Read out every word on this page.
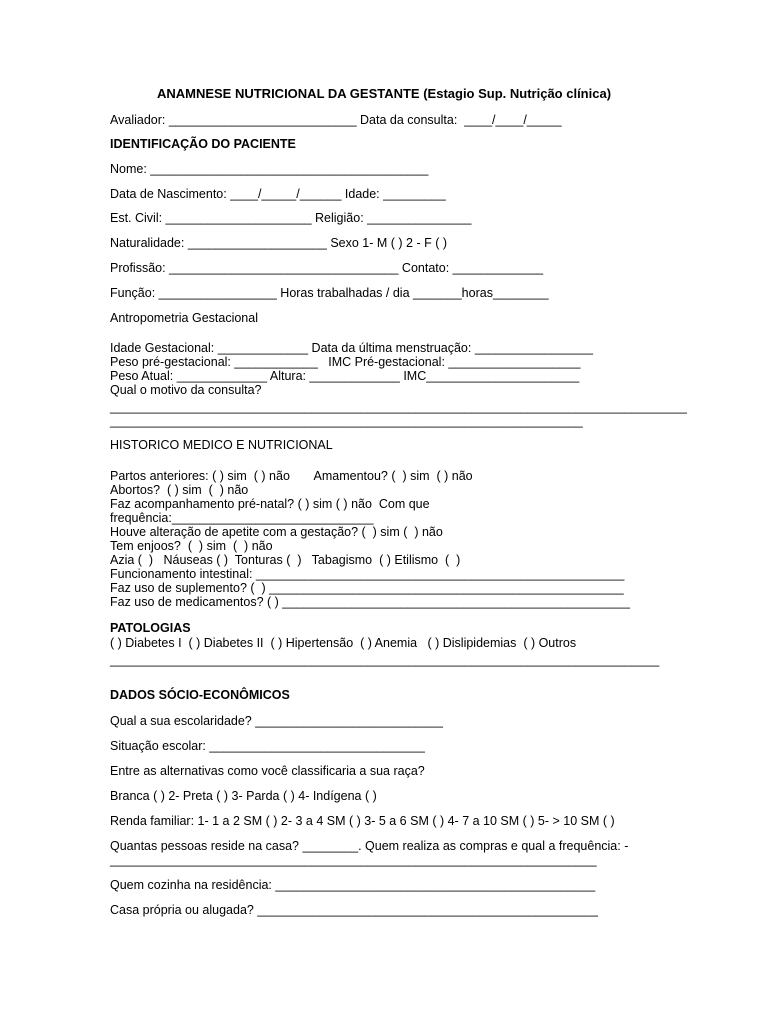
ANAMNESE NUTRICIONAL DA GESTANTE (Estagio Sup. Nutrição clínica)
Avaliador: ___________________________ Data da consulta:  ____/____/_____
IDENTIFICAÇÃO DO PACIENTE
Nome: ________________________________________
Data de Nascimento: ____/_____/______ Idade: _________
Est. Civil: _____________________ Religião: _______________
Naturalidade: ____________________ Sexo 1- M ( ) 2 - F ( )
Profissão: _________________________________ Contato: _____________
Função: _________________ Horas trabalhadas / dia _______horas________
Antropometria Gestacional
Idade Gestacional: _____________ Data da última menstruação: _________________
Peso pré-gestacional: ____________   IMC Pré-gestacional: ___________________
Peso Atual: _____________ Altura: _____________ IMC______________________
Qual o motivo da consulta?
___________________________________________________________________________________
____________________________________________________________________
HISTORICO MEDICO E NUTRICIONAL
Partos anteriores: ( ) sim  ( ) não       Amamentou? (  ) sim  ( ) não
Abortos?  ( ) sim  (  ) não
Faz acompanhamento pré-natal? ( ) sim ( ) não  Com que
frequência:_____________________________
Houve alteração de apetite com a gestação? (  ) sim (  ) não
Tem enjoos?  (  ) sim  (  ) não
Azia (  )   Náuseas ( )  Tonturas (  )   Tabagismo  ( ) Etilismo  (  )
Funcionamento intestinal: _____________________________________________________
Faz uso de suplemento? (  ) ___________________________________________________
Faz uso de medicamentos? ( ) __________________________________________________
PATOLOGIAS
( ) Diabetes I  ( ) Diabetes II  ( ) Hipertensão  ( ) Anemia   ( ) Dislipidemias  ( ) Outros
_______________________________________________________________________________
DADOS SÓCIO-ECONÔMICOS
Qual a sua escolaridade? ___________________________
Situação escolar: _______________________________
Entre as alternativas como você classificaria a sua raça?
Branca ( ) 2- Preta ( ) 3- Parda ( ) 4- Indígena ( )
Renda familiar: 1- 1 a 2 SM ( ) 2- 3 a 4 SM ( ) 3- 5 a 6 SM ( ) 4- 7 a 10 SM ( ) 5- > 10 SM ( )
Quantas pessoas reside na casa? ________. Quem realiza as compras e qual a frequência: -
______________________________________________________________________
Quem cozinha na residência: ______________________________________________
Casa própria ou alugada? _________________________________________________
